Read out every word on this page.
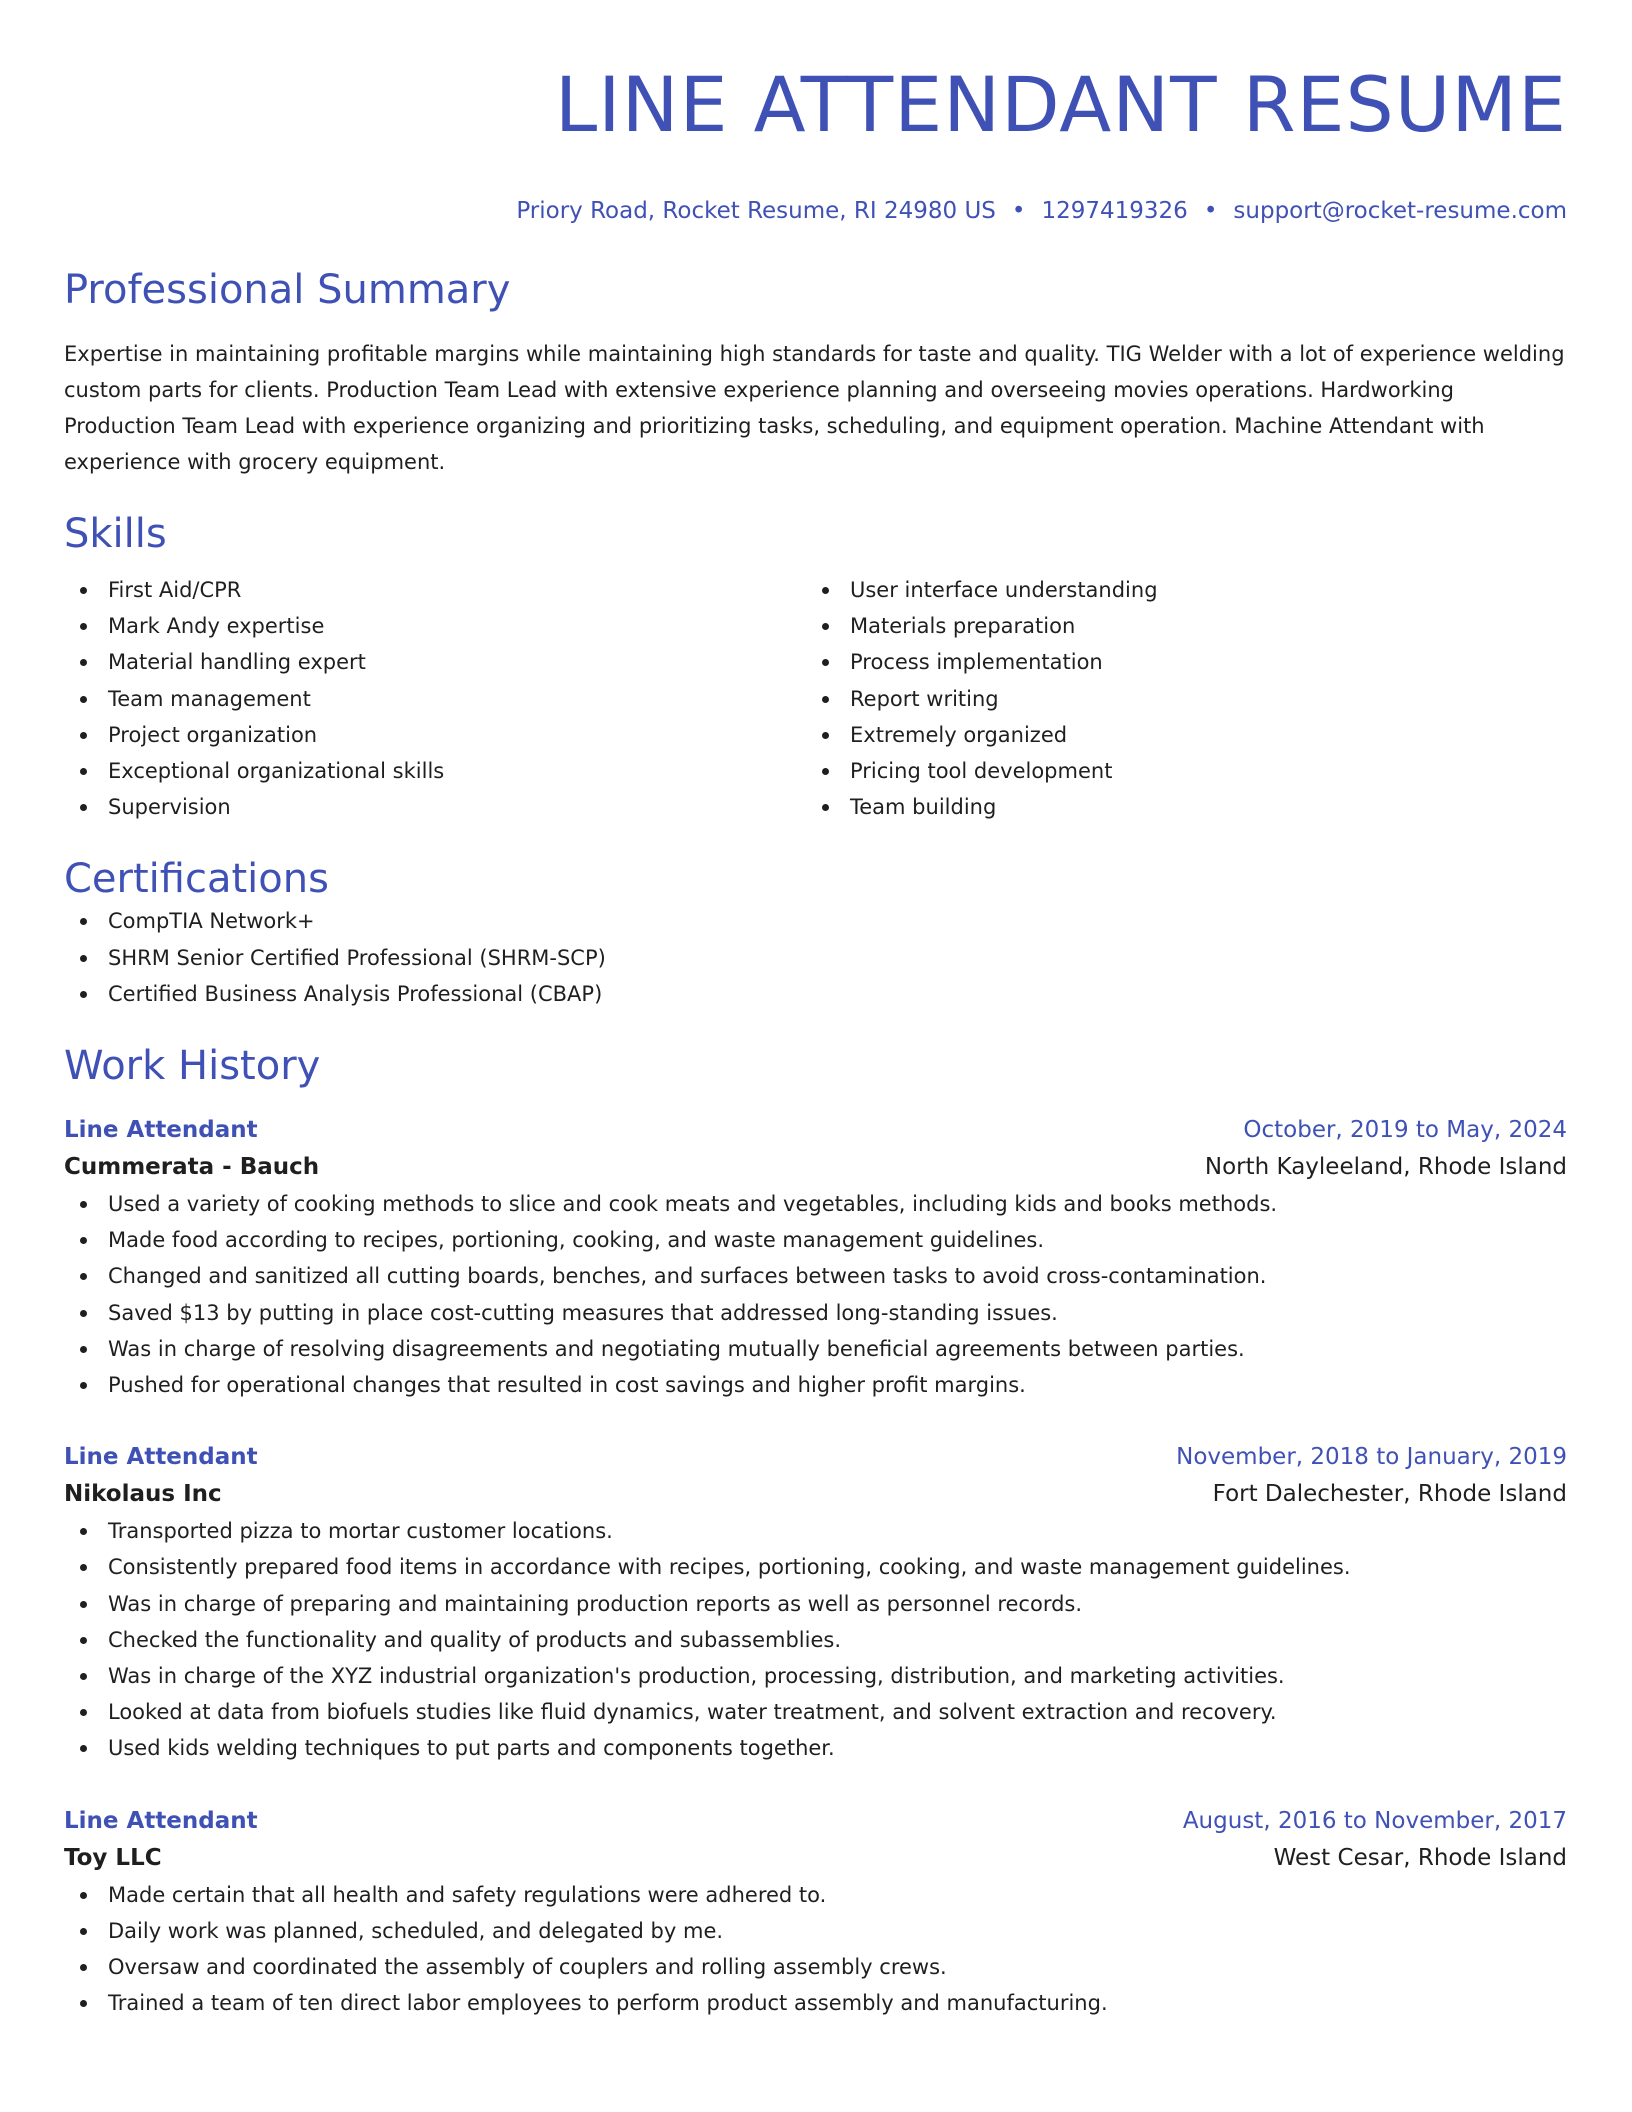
LINE ATTENDANT RESUME
Priory Road, Rocket Resume, RI 24980 US • 1297419326 • support@rocket-resume.com
Professional Summary

Expertise in maintaining profitable margins while maintaining high standards for taste and quality. TIG Welder with a lot of experience welding custom parts for clients. Production Team Lead with extensive experience planning and overseeing movies operations. Hardworking Production Team Lead with experience organizing and prioritizing tasks, scheduling, and equipment operation. Machine Attendant with experience with grocery equipment.

Skills
First Aid/CPR
Mark Andy expertise
Material handling expert
Team management
Project organization
Exceptional organizational skills
Supervision
User interface understanding
Materials preparation
Process implementation
Report writing
Extremely organized
Pricing tool development
Team building
Certifications
CompTIA Network+
SHRM Senior Certified Professional (SHRM-SCP)
Certified Business Analysis Professional (CBAP)
Work History
Line Attendant	October, 2019 to May, 2024
Cummerata - Bauch	North Kayleeland, Rhode Island
Used a variety of cooking methods to slice and cook meats and vegetables, including kids and books methods.
Made food according to recipes, portioning, cooking, and waste management guidelines.
Changed and sanitized all cutting boards, benches, and surfaces between tasks to avoid cross-contamination.
Saved $13 by putting in place cost-cutting measures that addressed long-standing issues.
Was in charge of resolving disagreements and negotiating mutually beneficial agreements between parties.
Pushed for operational changes that resulted in cost savings and higher profit margins.
Line Attendant	November, 2018 to January, 2019
Nikolaus Inc	Fort Dalechester, Rhode Island
Transported pizza to mortar customer locations.
Consistently prepared food items in accordance with recipes, portioning, cooking, and waste management guidelines.
Was in charge of preparing and maintaining production reports as well as personnel records.
Checked the functionality and quality of products and subassemblies.
Was in charge of the XYZ industrial organization's production, processing, distribution, and marketing activities.
Looked at data from biofuels studies like fluid dynamics, water treatment, and solvent extraction and recovery.
Used kids welding techniques to put parts and components together.
Line Attendant	August, 2016 to November, 2017
Toy LLC	West Cesar, Rhode Island
Made certain that all health and safety regulations were adhered to.
Daily work was planned, scheduled, and delegated by me.
Oversaw and coordinated the assembly of couplers and rolling assembly crews.
Trained a team of ten direct labor employees to perform product assembly and manufacturing.
